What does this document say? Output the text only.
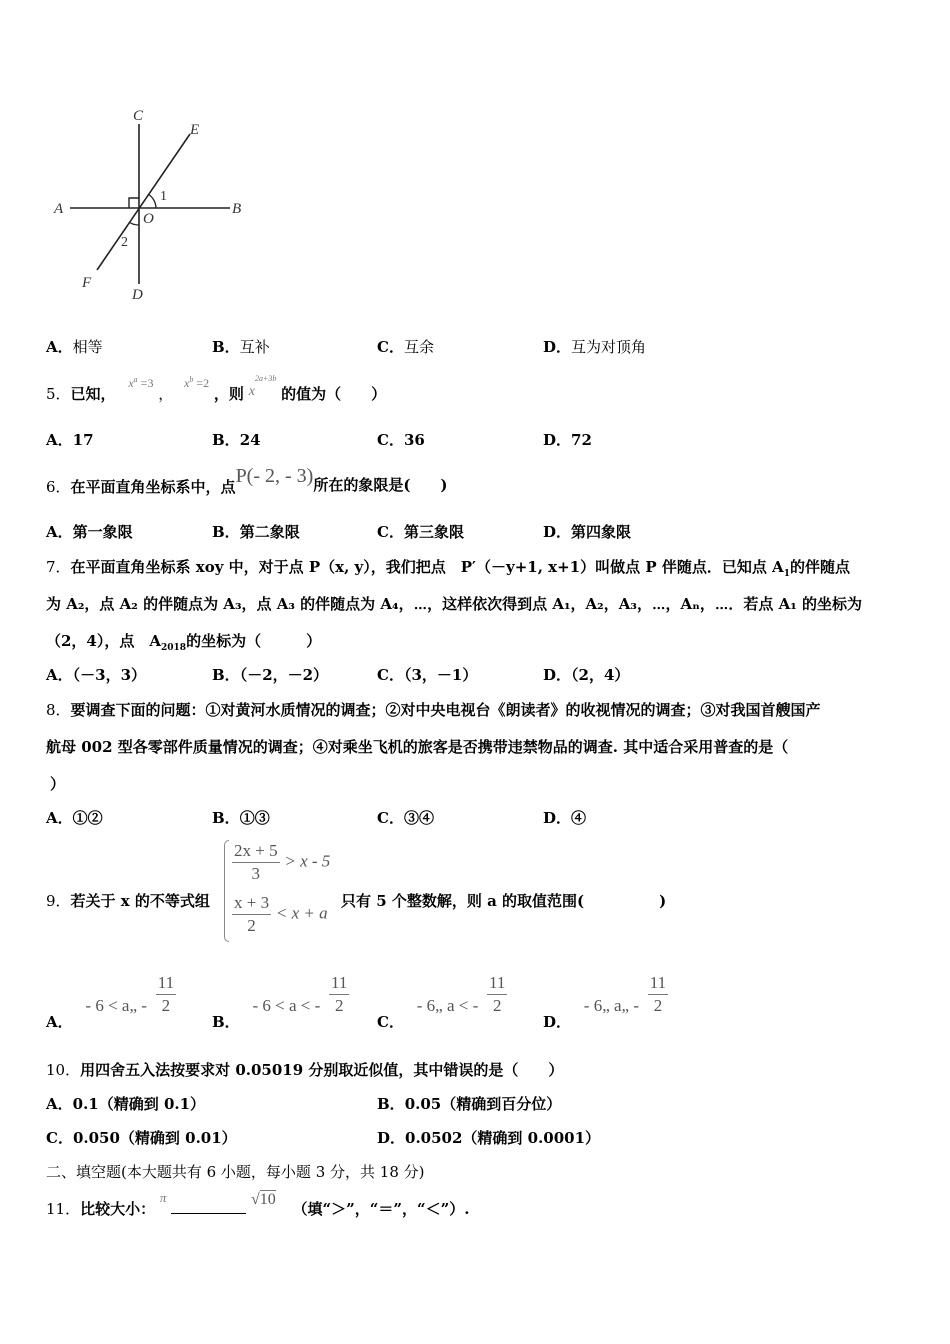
A	B
C
D
E
F
O
1
2
A．相等	B．互补	C．互余	D．互为对顶角
5．已知， $x^a =3$ ， $x^b =2$ ，则 $x^{2a+3b}$ 的值为（　　）
A．17	B．24	C．36	D．72
6．在平面直角坐标系中，点P(- 2, - 3)所在的象限是(　　)
A．第一象限	B．第二象限	C．第三象限	D．第四象限
7．在平面直角坐标系 xoy 中，对于点 P（x, y），我们把点　P′（－y+1, x+1）叫做点 P 伴随点．已知点 $A_1$的伴随点
为 A₂，点 A₂ 的伴随点为 A₃，点 A₃ 的伴随点为 A₄，⋯，这样依次得到点 A₁，A₂，A₃，⋯，Aₙ，⋯．若点 A₁ 的坐标为
（2，4），点　$A_{2018}$的坐标为（　　　）
A．（－3，3）	B．（－2，－2）	C．（3，－1）	D．（2，4）
8．要调查下面的问题：①对黄河水质情况的调查；②对中央电视台《朗读者》的收视情况的调查；③对我国首艘国产
航母 002 型各零部件质量情况的调查；④对乘坐飞机的旅客是否携带违禁物品的调查. 其中适合采用普查的是（
）
A．①②	B．①③	C．③④	D．④
9．若关于 x 的不等式组
$\frac{2x + 5}{3} > x - 5$
$\frac{x + 3}{2} < x + a$
只有 5 个整数解，则 a 的取值范围(　　　　　)
A． - 6 < a„ - $\frac{11}{2}$
B． - 6 < a < - $\frac{11}{2}$
C． - 6„ a < - $\frac{11}{2}$
D． - 6„ a„ - $\frac{11}{2}$
10．用四舍五入法按要求对 0.05019 分别取近似值，其中错误的是（　　）
A．0.1（精确到 0.1）	B．0.05（精确到百分位）
C．0.050（精确到 0.01）	D．0.0502（精确到 0.0001）
二、填空题(本大题共有 6 小题，每小题 3 分，共 18 分)
11．比较大小： π	√10 （填“＞”，“＝”，“＜”）.
